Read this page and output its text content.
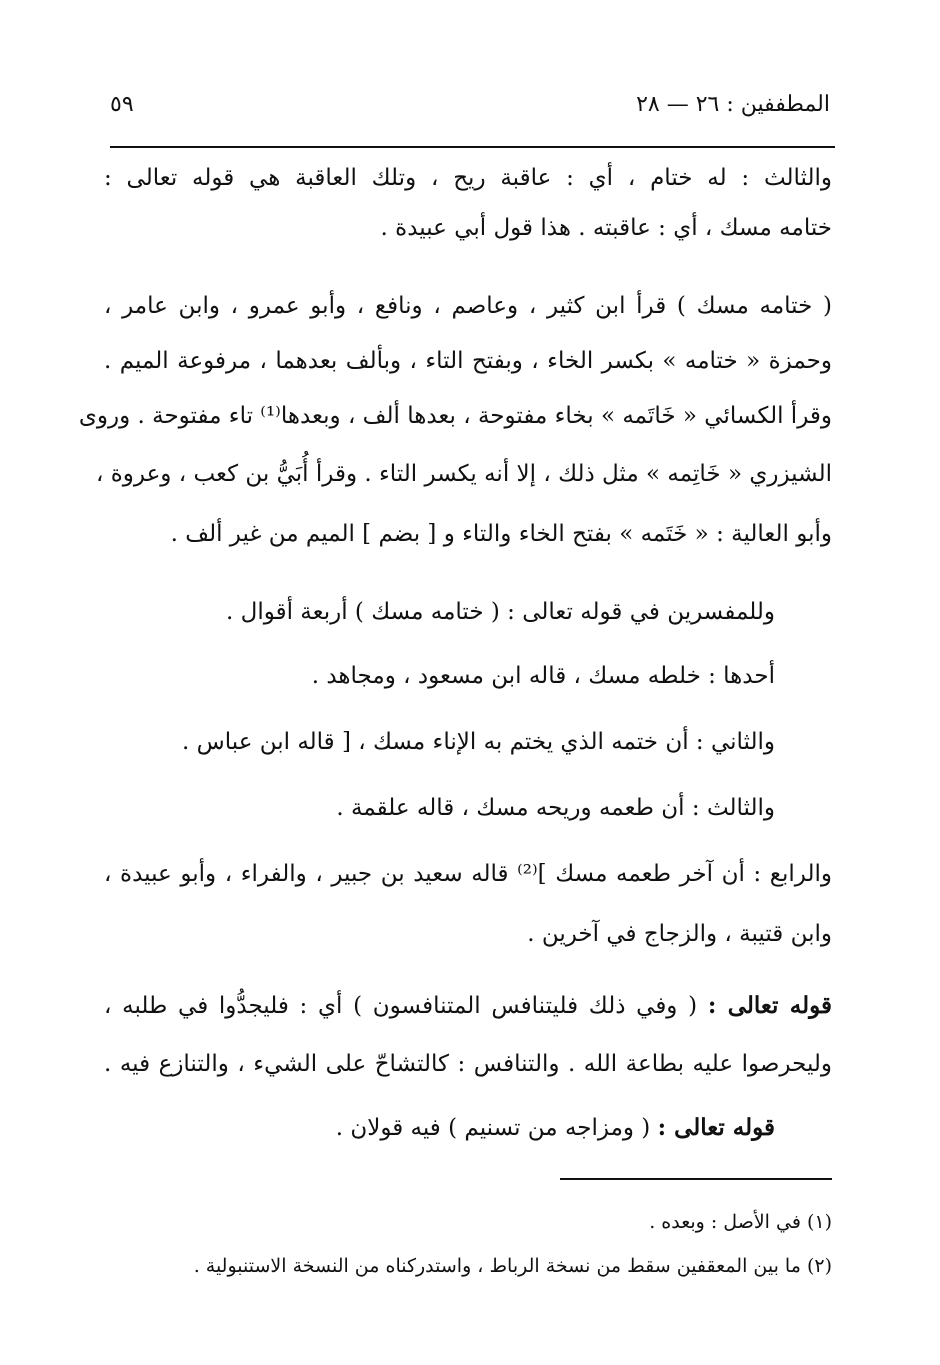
المطففين : ٢٦ — ٢٨
٥٩
والثالث : له ختام ، أي : عاقبة ريح ، وتلك العاقبة هي قوله تعالى :
ختامه مسك ، أي : عاقبته . هذا قول أبي عبيدة .
( ختامه مسك ) قرأ ابن كثير ، وعاصم ، ونافع ، وأبو عمرو ، وابن عامر ،
وحمزة « ختامه » بكسر الخاء ، وبفتح التاء ، وبألف بعدهما ، مرفوعة الميم .
وقرأ الكسائي « خَاتَمه » بخاء مفتوحة ، بعدها ألف ، وبعدها⁽¹⁾ تاء مفتوحة . وروى
الشيزري « خَاتِمه » مثل ذلك ، إلا أنه يكسر التاء . وقرأ أُبَيُّ بن كعب ، وعروة ،
وأبو العالية : « خَتَمه » بفتح الخاء والتاء و [ بضم ] الميم من غير ألف .
وللمفسرين في قوله تعالى : ( ختامه مسك ) أربعة أقوال .
أحدها : خلطه مسك ، قاله ابن مسعود ، ومجاهد .
والثاني : أن ختمه الذي يختم به الإناء مسك ، [ قاله ابن عباس .
والثالث : أن طعمه وريحه مسك ، قاله علقمة .
والرابع : أن آخر طعمه مسك ]⁽²⁾ قاله سعيد بن جبير ، والفراء ، وأبو عبيدة ،
وابن قتيبة ، والزجاج في آخرين .
قوله تعالى : ( وفي ذلك فليتنافس المتنافسون ) أي : فليجدُّوا في طلبه ،
وليحرصوا عليه بطاعة الله . والتنافس : كالتشاحّ على الشيء ، والتنازع فيه .
قوله تعالى : ( ومزاجه من تسنيم ) فيه قولان .
(١) في الأصل : وبعده .
(٢) ما بين المعقفين سقط من نسخة الرباط ، واستدركناه من النسخة الاستنبولية .
